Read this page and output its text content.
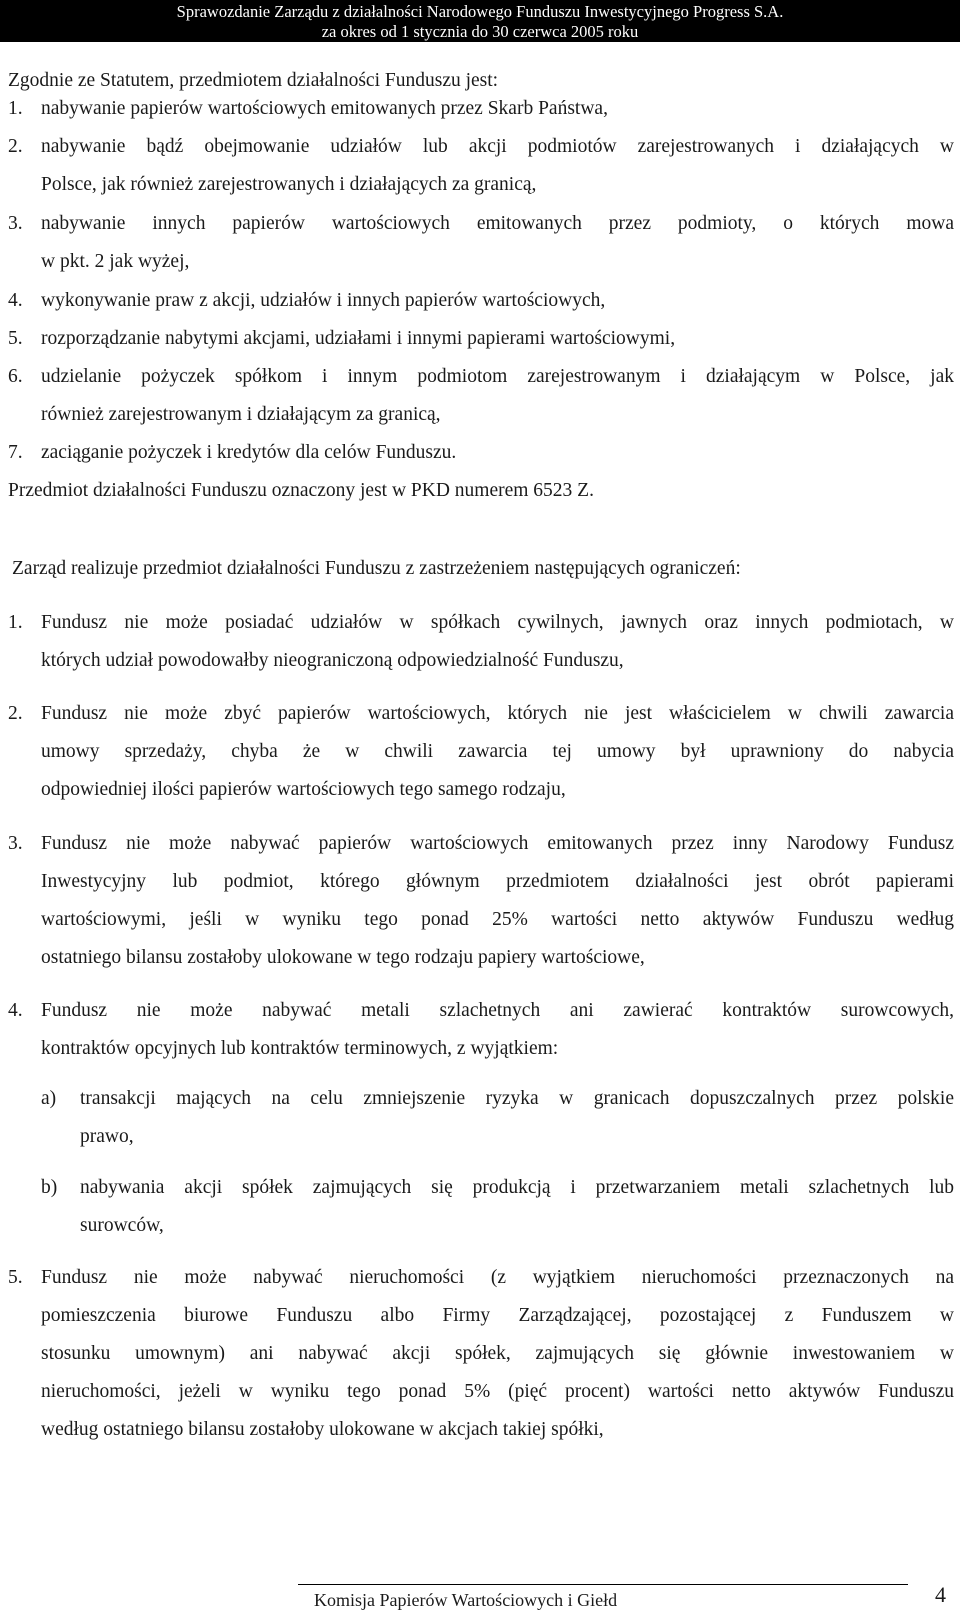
Sprawozdanie Zarządu z działalności Narodowego Funduszu Inwestycyjnego Progress S.A.
za okres od 1 stycznia do 30 czerwca 2005 roku
Zgodnie ze Statutem, przedmiotem działalności Funduszu jest:
1. nabywanie papierów wartościowych emitowanych przez Skarb Państwa,
2. nabywanie bądź obejmowanie udziałów lub akcji podmiotów zarejestrowanych i działających w
Polsce, jak również zarejestrowanych i działających za granicą,
3. nabywanie innych papierów wartościowych emitowanych przez podmioty, o których mowa
w pkt. 2 jak wyżej,
4. wykonywanie praw z akcji, udziałów i innych papierów wartościowych,
5. rozporządzanie nabytymi akcjami, udziałami i innymi papierami wartościowymi,
6. udzielanie pożyczek spółkom i innym podmiotom zarejestrowanym i działającym w Polsce, jak
również zarejestrowanym i działającym za granicą,
7. zaciąganie pożyczek i kredytów dla celów Funduszu.
Przedmiot działalności Funduszu oznaczony jest w PKD numerem 6523 Z.
Zarząd realizuje przedmiot działalności Funduszu z zastrzeżeniem następujących ograniczeń:
1. Fundusz nie może posiadać udziałów w spółkach cywilnych, jawnych oraz innych podmiotach, w
których udział powodowałby nieograniczoną odpowiedzialność Funduszu,
2. Fundusz nie może zbyć papierów wartościowych, których nie jest właścicielem w chwili zawarcia
umowy sprzedaży, chyba że w chwili zawarcia tej umowy był uprawniony do nabycia
odpowiedniej ilości papierów wartościowych tego samego rodzaju,
3. Fundusz nie może nabywać papierów wartościowych emitowanych przez inny Narodowy Fundusz
Inwestycyjny lub podmiot, którego głównym przedmiotem działalności jest obrót papierami
wartościowymi, jeśli w wyniku tego ponad 25% wartości netto aktywów Funduszu według
ostatniego bilansu zostałoby ulokowane w tego rodzaju papiery wartościowe,
4. Fundusz nie może nabywać metali szlachetnych ani zawierać kontraktów surowcowych,
kontraktów opcyjnych lub kontraktów terminowych, z wyjątkiem:
a) transakcji mających na celu zmniejszenie ryzyka w granicach dopuszczalnych przez polskie
prawo,
b) nabywania akcji spółek zajmujących się produkcją i przetwarzaniem metali szlachetnych lub
surowców,
5. Fundusz nie może nabywać nieruchomości (z wyjątkiem nieruchomości przeznaczonych na
pomieszczenia biurowe Funduszu albo Firmy Zarządzającej, pozostającej z Funduszem w
stosunku umownym) ani nabywać akcji spółek, zajmujących się głównie inwestowaniem w
nieruchomości, jeżeli w wyniku tego ponad 5% (pięć procent) wartości netto aktywów Funduszu
według ostatniego bilansu zostałoby ulokowane w akcjach takiej spółki,
Komisja Papierów Wartościowych i Giełd	4
